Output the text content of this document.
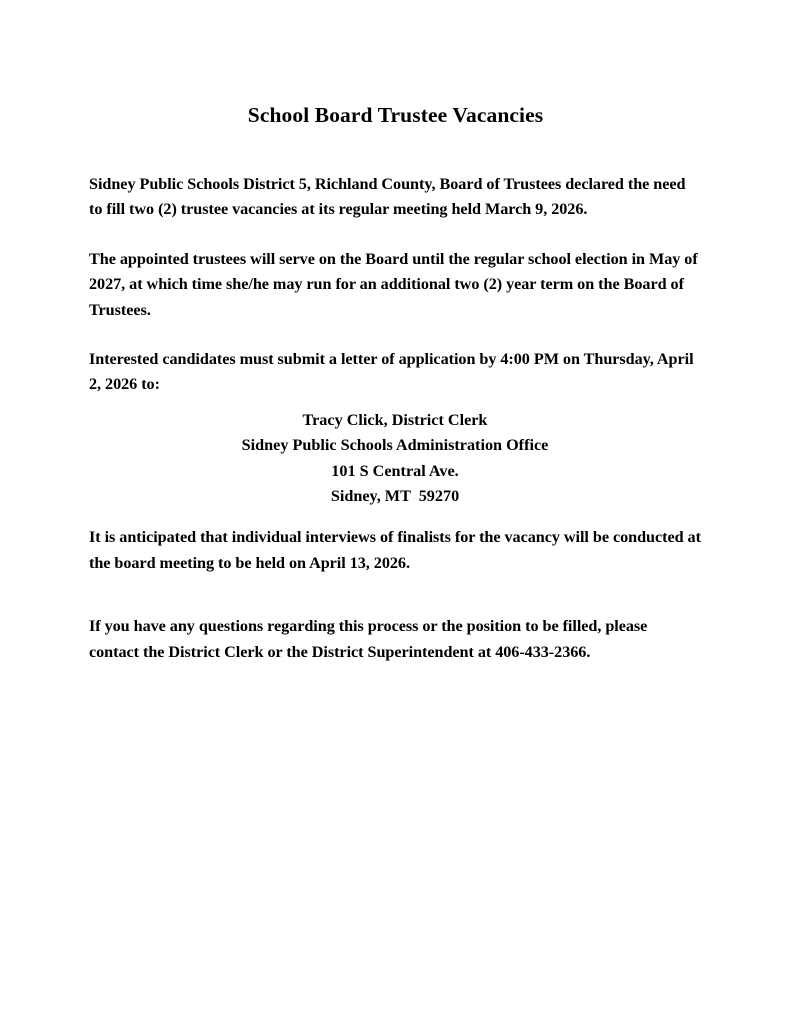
School Board Trustee Vacancies

Sidney Public Schools District 5, Richland County, Board of Trustees declared the need to fill two (2) trustee vacancies at its regular meeting held March 9, 2026.

The appointed trustees will serve on the Board until the regular school election in May of 2027, at which time she/he may run for an additional two (2) year term on the Board of Trustees.

Interested candidates must submit a letter of application by 4:00 PM on Thursday, April 2, 2026 to:

Tracy Click, District Clerk
Sidney Public Schools Administration Office
101 S Central Ave.
Sidney, MT  59270

It is anticipated that individual interviews of finalists for the vacancy will be conducted at the board meeting to be held on April 13, 2026.

If you have any questions regarding this process or the position to be filled, please contact the District Clerk or the District Superintendent at 406-433-2366.
